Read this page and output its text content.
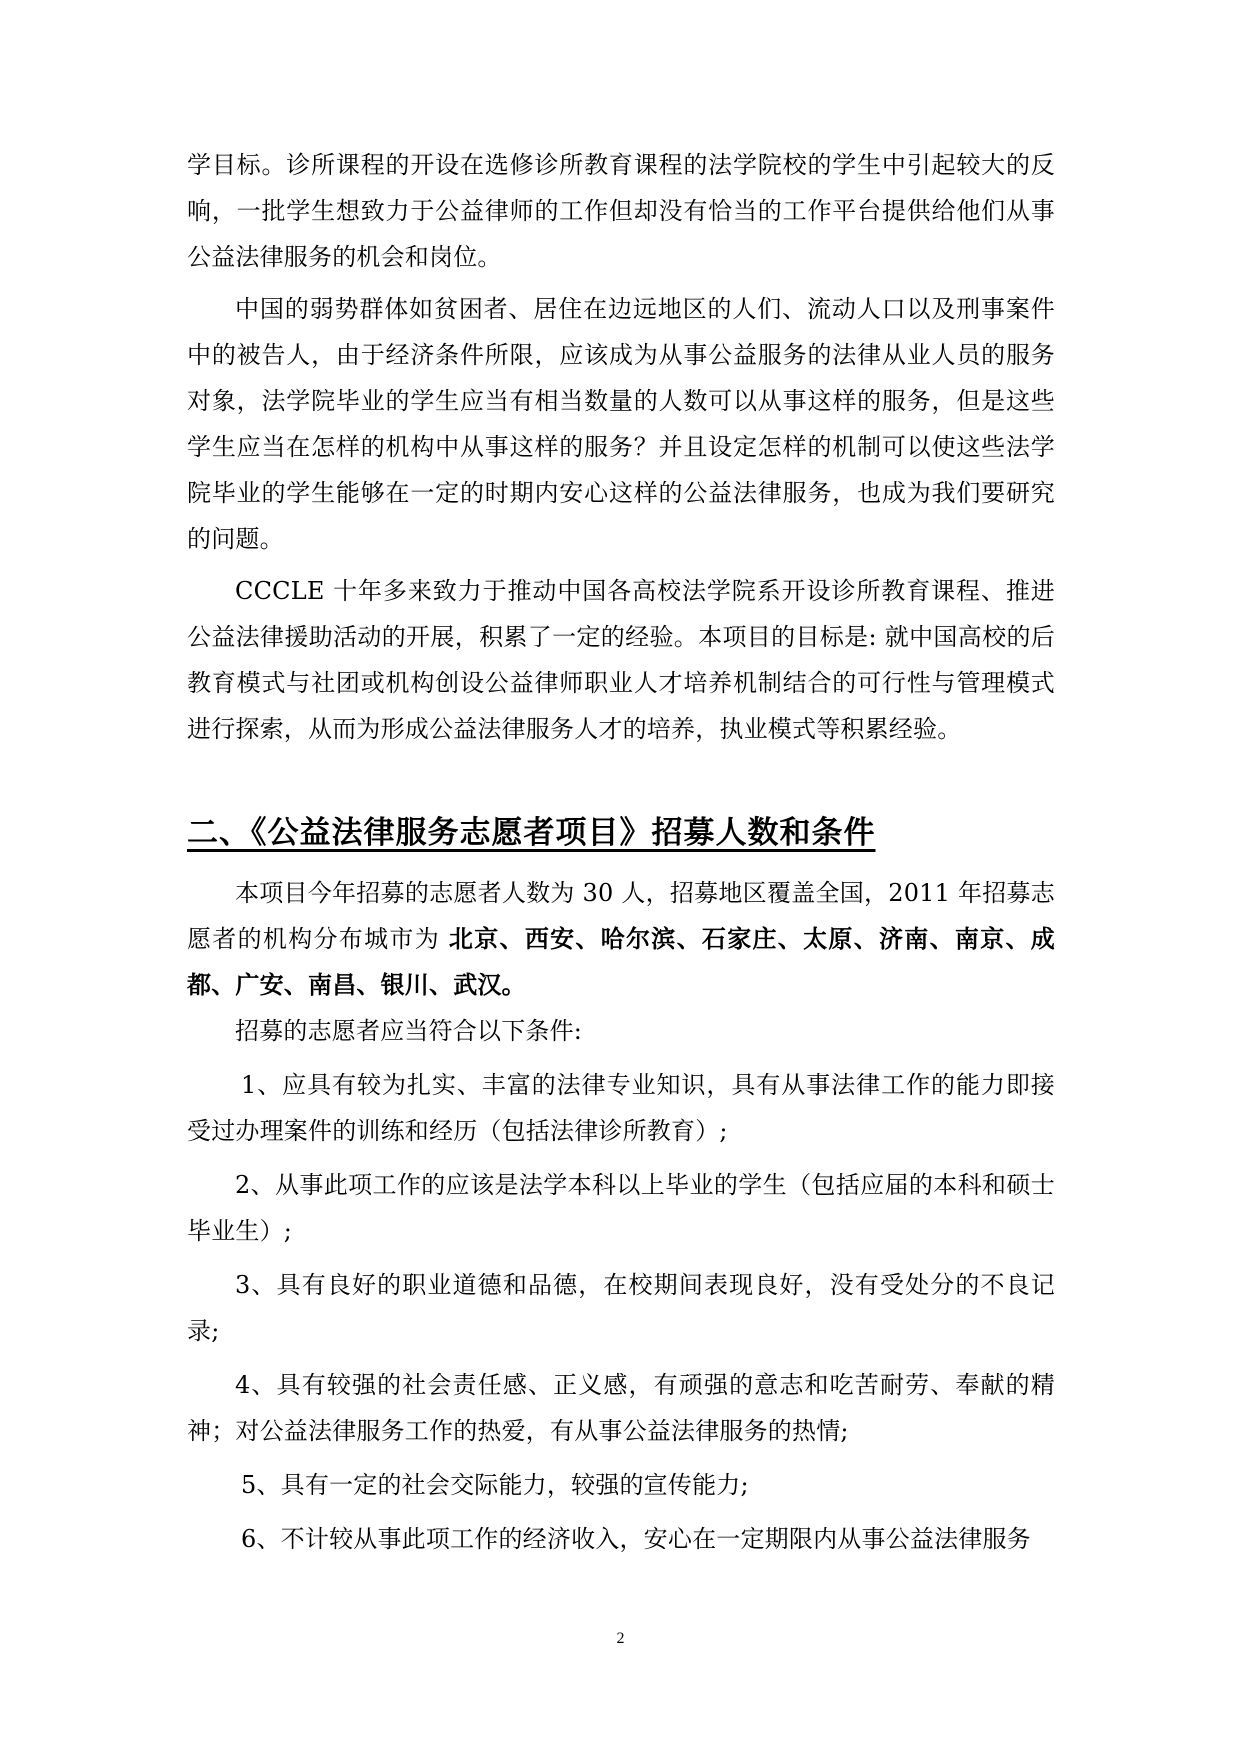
学目标。诊所课程的开设在选修诊所教育课程的法学院校的学生中引起较大的反响，一批学生想致力于公益律师的工作但却没有恰当的工作平台提供给他们从事公益法律服务的机会和岗位。

中国的弱势群体如贫困者、居住在边远地区的人们、流动人口以及刑事案件中的被告人，由于经济条件所限，应该成为从事公益服务的法律从业人员的服务对象，法学院毕业的学生应当有相当数量的人数可以从事这样的服务，但是这些学生应当在怎样的机构中从事这样的服务？并且设定怎样的机制可以使这些法学院毕业的学生能够在一定的时期内安心这样的公益法律服务，也成为我们要研究的问题。

CCCLE 十年多来致力于推动中国各高校法学院系开设诊所教育课程、推进公益法律援助活动的开展，积累了一定的经验。本项目的目标是: 就中国高校的后教育模式与社团或机构创设公益律师职业人才培养机制结合的可行性与管理模式进行探索，从而为形成公益法律服务人才的培养，执业模式等积累经验。

二、《公益法律服务志愿者项目》招募人数和条件

本项目今年招募的志愿者人数为 30 人，招募地区覆盖全国，2011 年招募志愿者的机构分布城市为 北京、西安、哈尔滨、石家庄、太原、济南、南京、成都、广安、南昌、银川、武汉。

招募的志愿者应当符合以下条件:

1、应具有较为扎实、丰富的法律专业知识，具有从事法律工作的能力即接受过办理案件的训练和经历（包括法律诊所教育）;

2、从事此项工作的应该是法学本科以上毕业的学生（包括应届的本科和硕士毕业生）;

3、具有良好的职业道德和品德，在校期间表现良好，没有受处分的不良记录;

4、具有较强的社会责任感、正义感，有顽强的意志和吃苦耐劳、奉献的精神；对公益法律服务工作的热爱，有从事公益法律服务的热情;

5、具有一定的社会交际能力，较强的宣传能力;

6、不计较从事此项工作的经济收入，安心在一定期限内从事公益法律服务

2
